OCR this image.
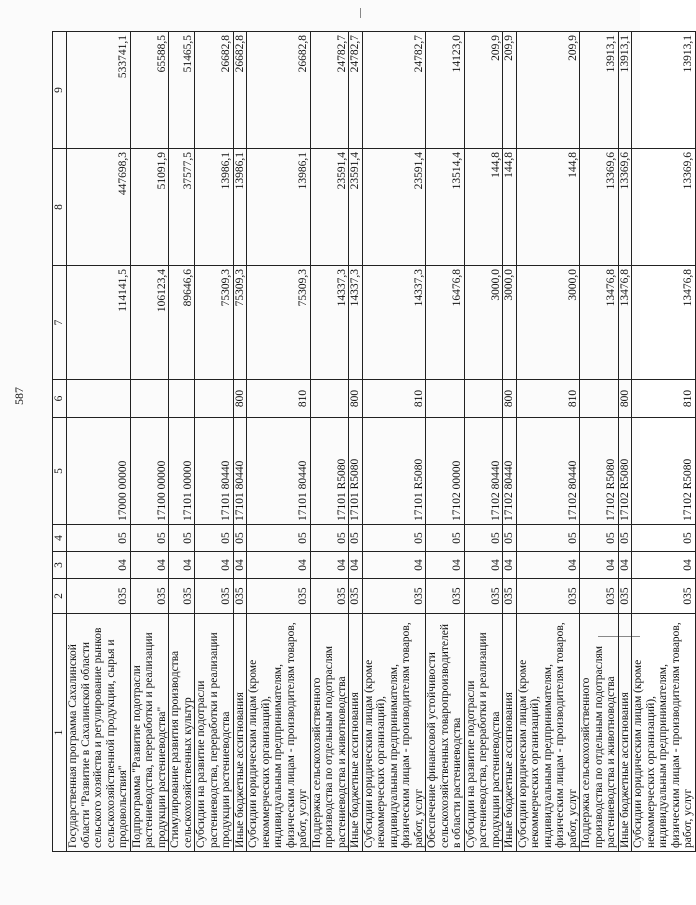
587
1	2	3	4	5	6	7	8	9
Государственная программа Сахалинской области "Развитие в Сахалинской области сельского хозяйства и регулирование рынков сельскохозяйственной продукции, сырья и продовольствия"	035	04	05	17000 00000		114141,5	447698,3	533741,1
Подпрограмма "Развитие подотрасли растениеводства, переработки и реализации продукции растениеводства"	035	04	05	17100 00000		106123,4	51091,9	65588,5
Стимулирование развития производства сельскохозяйственных культур	035	04	05	17101 00000		89646,6	37577,5	51465,5
Субсидии на развитие подотрасли растениеводства, переработки и реализации продукции растениеводства	035	04	05	17101 80440		75309,3	13986,1	26682,8
Иные бюджетные ассигнования	035	04	05	17101 80440	800	75309,3	13986,1	26682,8
Субсидии юридическим лицам (кроме некоммерческих организаций), индивидуальным предпринимателям, физическим лицам - производителям товаров, работ, услуг	035	04	05	17101 80440	810	75309,3	13986,1	26682,8
Поддержка сельскохозяйственного производства по отдельным подотраслям растениеводства и животноводства	035	04	05	17101 R5080		14337,3	23591,4	24782,7
Иные бюджетные ассигнования	035	04	05	17101 R5080	800	14337,3	23591,4	24782,7
Субсидии юридическим лицам (кроме некоммерческих организаций), индивидуальным предпринимателям, физическим лицам - производителям товаров, работ, услуг	035	04	05	17101 R5080	810	14337,3	23591,4	24782,7
Обеспечение финансовой устойчивости сельскохозяйственных товаропроизводителей в области растениеводства	035	04	05	17102 00000		16476,8	13514,4	14123,0
Субсидии на развитие подотрасли растениеводства, переработки и реализации продукции растениеводства	035	04	05	17102 80440		3000,0	144,8	209,9
Иные бюджетные ассигнования	035	04	05	17102 80440	800	3000,0	144,8	209,9
Субсидии юридическим лицам (кроме некоммерческих организаций), индивидуальным предпринимателям, физическим лицам - производителям товаров, работ, услуг	035	04	05	17102 80440	810	3000,0	144,8	209,9
Поддержка сельскохозяйственного производства по отдельным подотраслям растениеводства и животноводства	035	04	05	17102 R5080		13476,8	13369,6	13913,1
Иные бюджетные ассигнования	035	04	05	17102 R5080	800	13476,8	13369,6	13913,1
Субсидии юридическим лицам (кроме некоммерческих организаций), индивидуальным предпринимателям, физическим лицам - производителям товаров, работ, услуг	035	04	05	17102 R5080	810	13476,8	13369,6	13913,1
